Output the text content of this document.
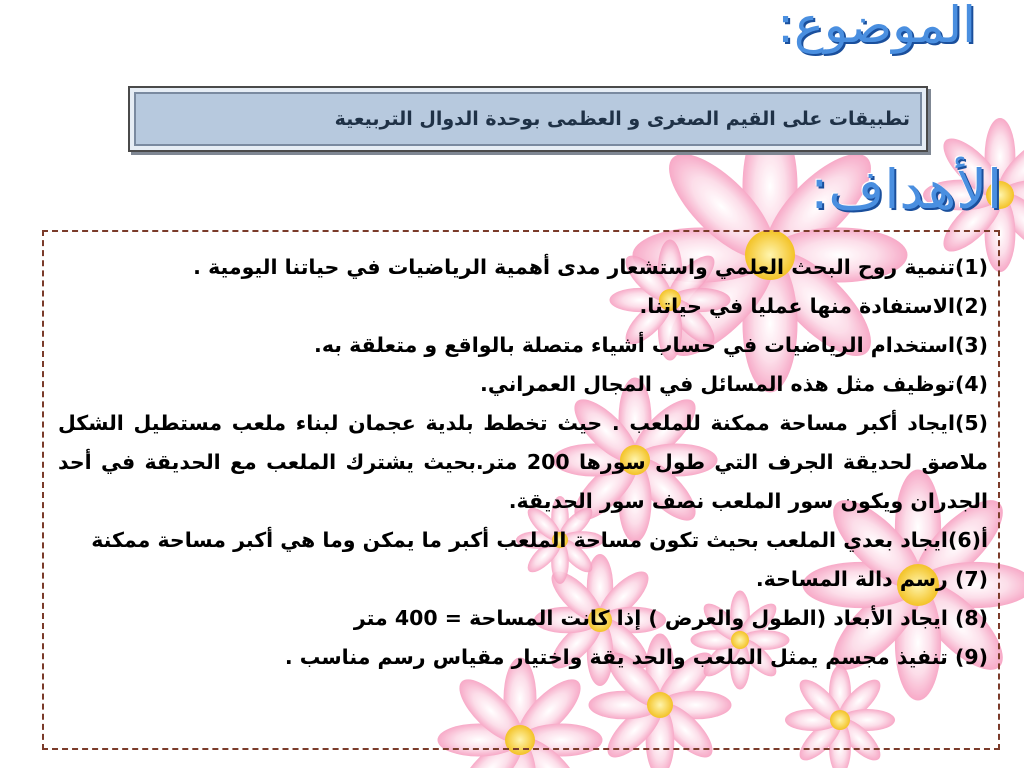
الموضوع:
تطبيقات على القيم الصغرى و العظمى بوحدة الدوال التربيعية
الأهداف:

(1)تنمية روح البحث العلمي واستشعار مدى أهمية الرياضيات في حياتنا اليومية .

(2)الاستفادة منها عمليا في حياتنا.

(3)استخدام الرياضيات في حساب أشياء متصلة بالواقع و متعلقة به.

(4)توظيف مثل هذه المسائل في المجال العمراني.

(5)ايجاد أكبر مساحة ممكنة للملعب . حيث تخطط بلدية عجمان لبناء ملعب مستطيل الشكل ملاصق لحديقة الجرف التي طول سورها 200 متر.بحيث يشترك الملعب مع الحديقة في أحد الجدران ويكون سور الملعب نصف سور الحديقة.

أ(6)ايجاد بعدي الملعب بحيث تكون مساحة الملعب أكبر ما يمكن وما هي أكبر مساحة ممكنة

(7) رسم دالة المساحة.

(8) ايجاد الأبعاد (الطول والعرض ) إذا كانت المساحة = 400 متر

(9) تنفيذ مجسم يمثل الملعب والحد يقة واختيار مقياس رسم مناسب .
